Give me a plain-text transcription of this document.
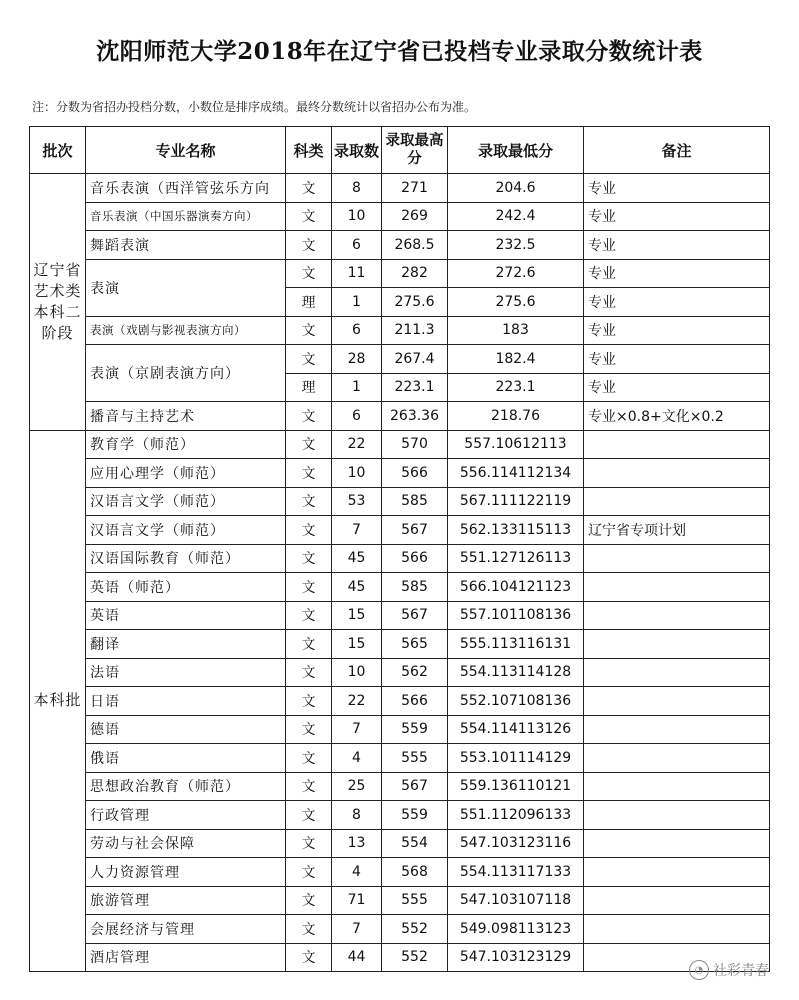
沈阳师范大学2018年在辽宁省已投档专业录取分数统计表
注：分数为省招办投档分数，小数位是排序成绩。最终分数统计以省招办公布为准。
批次	专业名称	科类	录取数	录取最高分	录取最低分	备注
辽宁省艺术类本科二阶段	音乐表演（西洋管弦乐方向	文	8	271	204.6	专业
	音乐表演（中国乐器演奏方向）	文	10	269	242.4	专业
	舞蹈表演	文	6	268.5	232.5	专业
	表演	文	11	282	272.6	专业
		理	1	275.6	275.6	专业
	表演（戏剧与影视表演方向）	文	6	211.3	183	专业
	表演（京剧表演方向）	文	28	267.4	182.4	专业
		理	1	223.1	223.1	专业
	播音与主持艺术	文	6	263.36	218.76	专业×0.8+文化×0.2
本科批	教育学（师范）	文	22	570	557.10612113	
	应用心理学（师范）	文	10	566	556.114112134	
	汉语言文学（师范）	文	53	585	567.111122119	
	汉语言文学（师范）	文	7	567	562.133115113	辽宁省专项计划
	汉语国际教育（师范）	文	45	566	551.127126113	
	英语（师范）	文	45	585	566.104121123	
	英语	文	15	567	557.101108136	
	翻译	文	15	565	555.113116131	
	法语	文	10	562	554.113114128	
	日语	文	22	566	552.107108136	
	德语	文	7	559	554.114113126	
	俄语	文	4	555	553.101114129	
	思想政治教育（师范）	文	25	567	559.136110121	
	行政管理	文	8	559	551.112096133	
	劳动与社会保障	文	13	554	547.103123116	
	人力资源管理	文	4	568	554.113117133	
	旅游管理	文	71	555	547.103107118	
	会展经济与管理	文	7	552	549.098113123	
	酒店管理	文	44	552	547.103123129	
◔ 社彩青春
